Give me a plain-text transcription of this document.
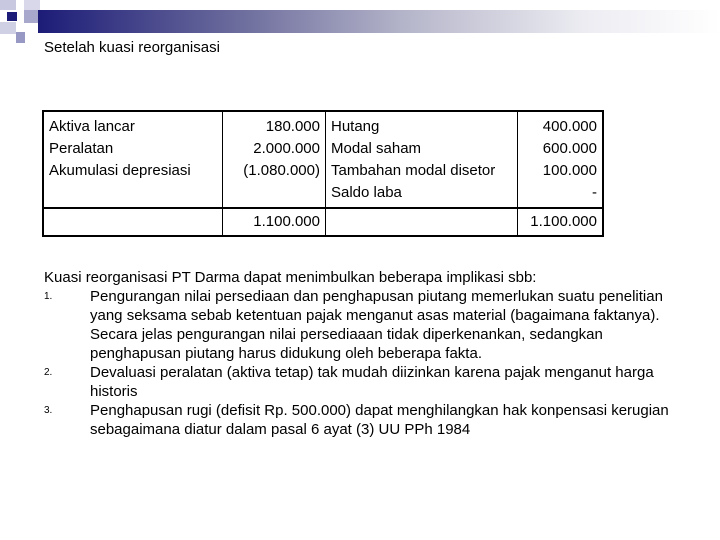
Setelah kuasi reorganisasi
Aktiva lancar	180.000	Hutang	400.000
Peralatan	2.000.000	Modal saham	600.000
Akumulasi depresiasi	(1.080.000)	Tambahan modal disetor	100.000
		Saldo laba	-
	1.100.000		1.100.000
Kuasi reorganisasi PT Darma dapat menimbulkan beberapa implikasi sbb:
1.	Pengurangan nilai persediaan dan penghapusan piutang memerlukan suatu penelitian yang seksama sebab ketentuan pajak menganut asas material (bagaimana faktanya). Secara jelas pengurangan nilai persediaaan tidak diperkenankan, sedangkan penghapusan piutang harus didukung oleh beberapa fakta.
2.	Devaluasi peralatan (aktiva tetap) tak mudah diizinkan karena pajak menganut harga historis
3.	Penghapusan rugi (defisit Rp. 500.000) dapat menghilangkan hak konpensasi kerugian sebagaimana diatur dalam pasal 6 ayat (3) UU PPh 1984
